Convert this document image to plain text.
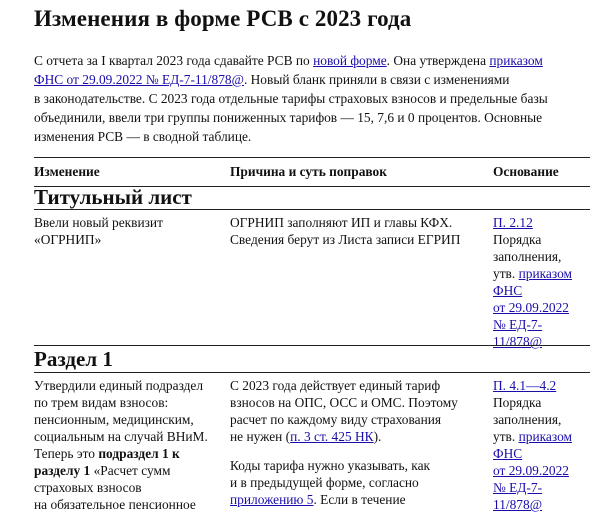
Изменения в форме РСВ с 2023 года
С отчета за I квартал 2023 года сдавайте РСВ по новой форме. Она утверждена приказом
ФНС от 29.09.2022 № ЕД-7-11/878@. Новый бланк приняли в связи с изменениями
в законодательстве. С 2023 года отдельные тарифы страховых взносов и предельные базы
объединили, ввели три группы пониженных тарифов — 15, 7,6 и 0 процентов. Основные
изменения РСВ — в сводной таблице.
Изменение	Причина и суть поправок	Основание
Титульный лист
Ввели новый реквизит
«ОГРНИП»
ОГРНИП заполняют ИП и главы КФХ.
Сведения берут из Листа записи ЕГРИП
П. 2.12
Порядка
заполнения,
утв. приказом
ФНС
от 29.09.2022
№ ЕД-7-
11/878@
Раздел 1
Утвердили единый подраздел
по трем видам взносов:
пенсионным, медицинским,
социальным на случай ВНиМ.
Теперь это подраздел 1 к
разделу 1 «Расчет сумм
страховых взносов
на обязательное пенсионное
С 2023 года действует единый тариф
взносов на ОПС, ОСС и ОМС. Поэтому
расчет по каждому виду страхования
не нужен (п. 3 ст. 425 НК).
Коды тарифа нужно указывать, как
и в предыдущей форме, согласно
приложению 5. Если в течение
П. 4.1—4.2
Порядка
заполнения,
утв. приказом
ФНС
от 29.09.2022
№ ЕД-7-
11/878@
